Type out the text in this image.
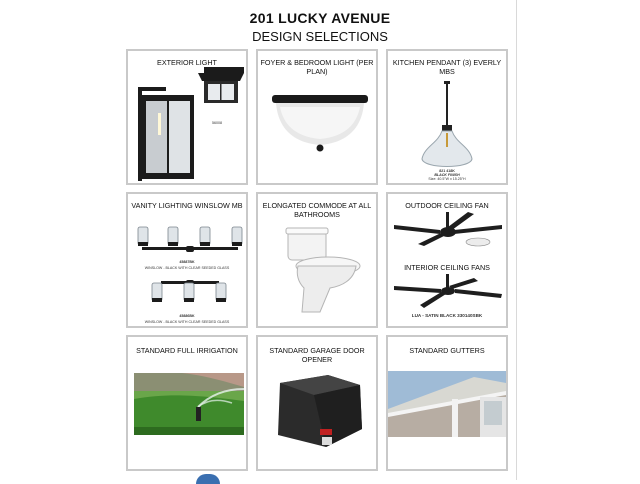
201 LUCKY AVENUE
DESIGN SELECTIONS
EXTERIOR LIGHT
56008
FOYER & BEDROOM LIGHT (PER PLAN)
KITCHEN PENDANT (3) EVERLY MBS
821 418K
BLACK FINISH
Size: 40.5"W x 15.25"H
VANITY LIGHTING WINSLOW MB
45887BK
WINSLOW - BLACK WITH CLEAR SEEDED GLASS
45886BK
WINSLOW - BLACK WITH CLEAR SEEDED GLASS
ELONGATED COMMODE AT ALL BATHROOMS
OUTDOOR CEILING FAN
INTERIOR CEILING FANS
LUA - SATIN BLACK 330140SBK
STANDARD FULL IRRIGATION	STANDARD GARAGE DOOR OPENER
STANDARD GUTTERS
